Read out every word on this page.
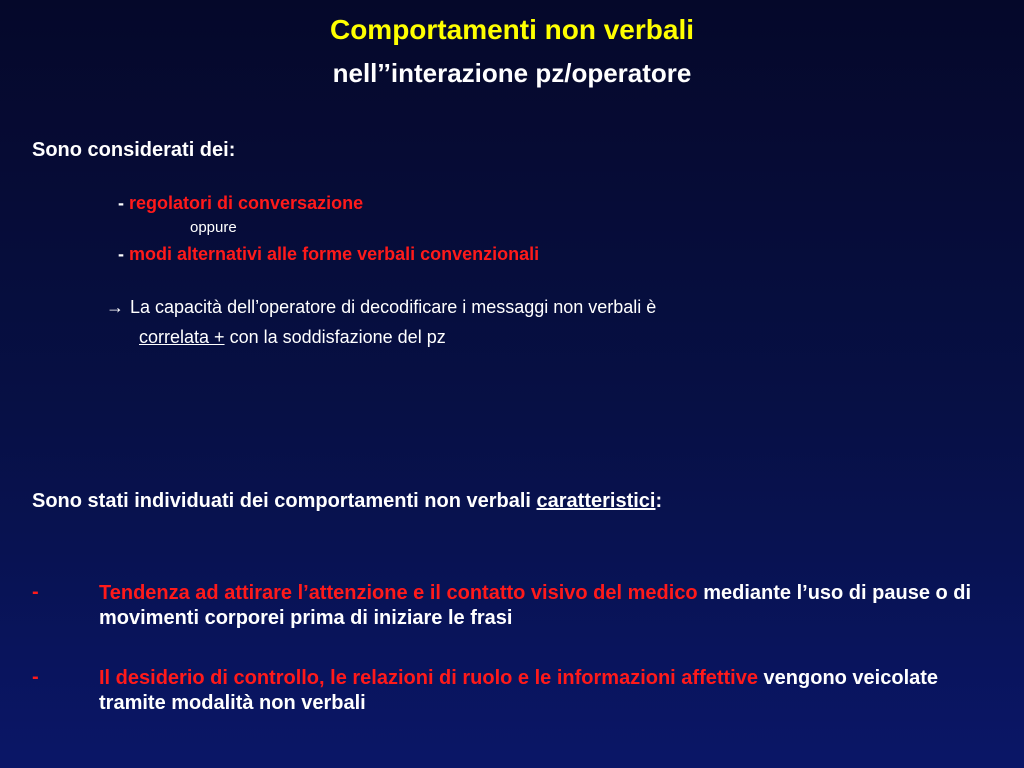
Comportamenti non verbali
nell’’interazione pz/operatore
Sono considerati dei:
- regolatori di conversazione
oppure
- modi alternativi alle forme verbali convenzionali
→ La capacità dell’operatore di decodificare i messaggi non verbali è
correlata + con la soddisfazione del pz
Sono stati individuati dei comportamenti non verbali caratteristici:
-	Tendenza ad attirare l’attenzione e il contatto visivo del medico mediante l’uso di pause o di movimenti corporei prima di iniziare le frasi
-	Il desiderio di controllo, le relazioni di ruolo e le informazioni affettive vengono veicolate tramite modalità non verbali
